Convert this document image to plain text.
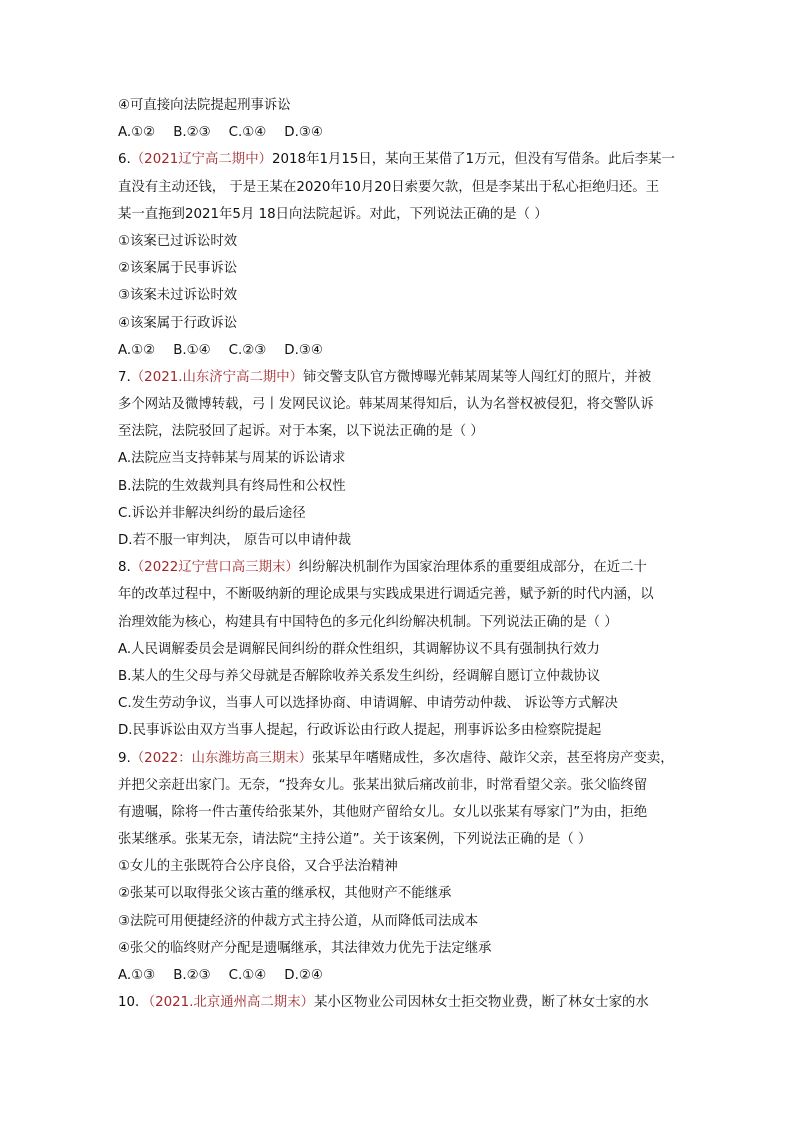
④可直接向法院提起刑事诉讼
A.①② B.②③ C.①④ D.③④
6.（2021辽宁高二期中）2018年1月15日，某向王某借了1万元，但没有写借条。此后李某一
直没有主动还钱， 于是王某在2020年10月20日索要欠款，但是李某出于私心拒绝归还。王
某一直拖到2021年5月 18日向法院起诉。对此，下列说法正确的是（ ）
①该案已过诉讼时效
②该案属于民事诉讼
③该案未过诉讼时效
④该案属于行政诉讼
A.①② B.①④ C.②③ D.③④
7.（2021.山东济宁高二期中）铈交警支队官方微博曝光韩某周某等人闯红灯的照片，并被
多个网站及微博转载，弓丨发网民议论。韩某周某得知后，认为名誉权被侵犯，将交警队诉
至法院，法院驳回了起诉。对于本案，以下说法正确的是（ ）
A.法院应当支持韩某与周某的诉讼请求
B.法院的生效裁判具有终局性和公权性
C.诉讼并非解决纠纷的最后途径
D.若不服一审判决， 原告可以申请仲裁
8.（2022辽宁营口高三期末）纠纷解决机制作为国家治理体系的重要组成部分，在近二十
年的改革过程中，不断吸纳新的理论成果与实践成果进行调适完善，赋予新的时代内涵，以
治理效能为核心，构建具有中国特色的多元化纠纷解决机制。下列说法正确的是（ ）
A.人民调解委员会是调解民间纠纷的群众性组织，其调解协议不具有强制执行效力
B.某人的生父母与养父母就是否解除收养关系发生纠纷，经调解自愿订立仲裁协议
C.发生劳动争议，当事人可以选择协商、申请调解、申请劳动仲裁、 诉讼等方式解决
D.民事诉讼由双方当事人提起，行政诉讼由行政人提起，刑事诉讼多由检察院提起
9.（2022：山东潍坊高三期末）张某早年嗜赌成性，多次虐待、敲诈父亲，甚至将房产变卖，
并把父亲赶出家门。无奈，“投奔女儿。张某出狱后痛改前非，时常看望父亲。张父临终留
有遗嘱，除将一件古董传给张某外，其他财产留给女儿。女儿以张某有辱家门”为由，拒绝
张某继承。张某无奈，请法院“主持公道”。关于该案例，下列说法正确的是（ ）
①女儿的主张既符合公序良俗，又合乎法治精神
②张某可以取得张父该古董的继承权，其他财产不能继承
③法院可用便捷经济的仲裁方式主持公道，从而降低司法成本
④张父的临终财产分配是遗嘱继承，其法律效力优先于法定继承
A.①③ B.②③ C.①④ D.②④
10．（2021.北京通州高二期末）某小区物业公司因林女士拒交物业费，断了林女士家的水
